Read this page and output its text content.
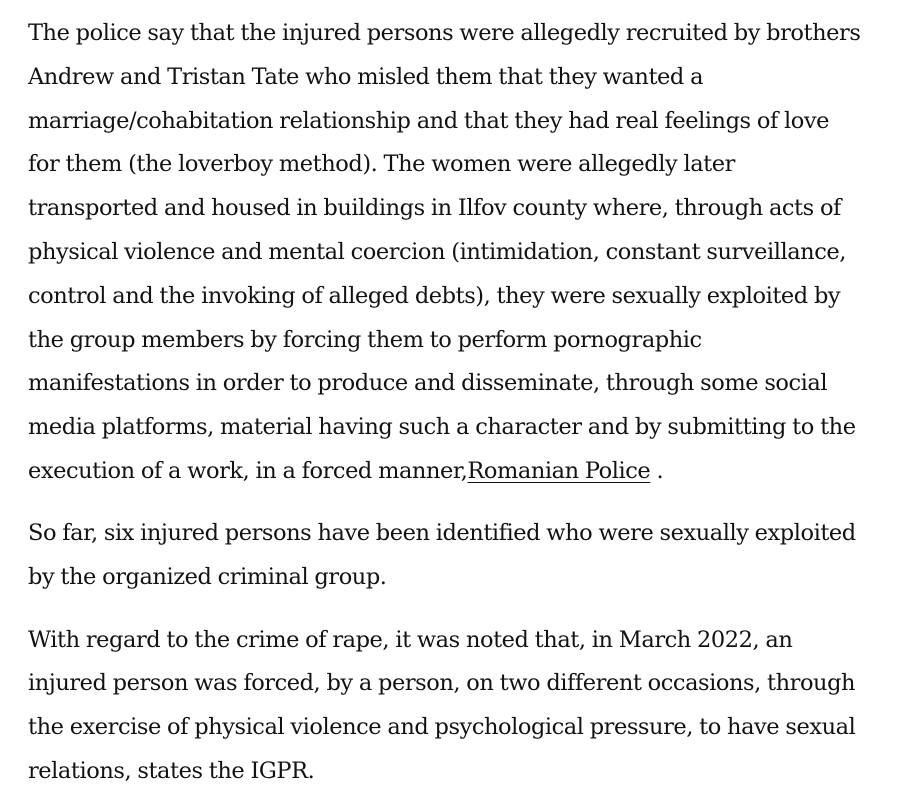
The police say that the injured persons were allegedly recruited by brothers Andrew and Tristan Tate who misled them that they wanted a marriage/cohabitation relationship and that they had real feelings of love for them (the loverboy method). The women were allegedly later transported and housed in buildings in Ilfov county where, through acts of physical violence and mental coercion (intimidation, constant surveillance, control and the invoking of alleged debts), they were sexually exploited by the group members by forcing them to perform pornographic manifestations in order to produce and disseminate, through some social media platforms, material having such a character and by submitting to the execution of a work, in a forced manner,Romanian Police .

So far, six injured persons have been identified who were sexually exploited by the organized criminal group.

With regard to the crime of rape, it was noted that, in March 2022, an injured person was forced, by a person, on two different occasions, through the exercise of physical violence and psychological pressure, to have sexual relations, states the IGPR.
